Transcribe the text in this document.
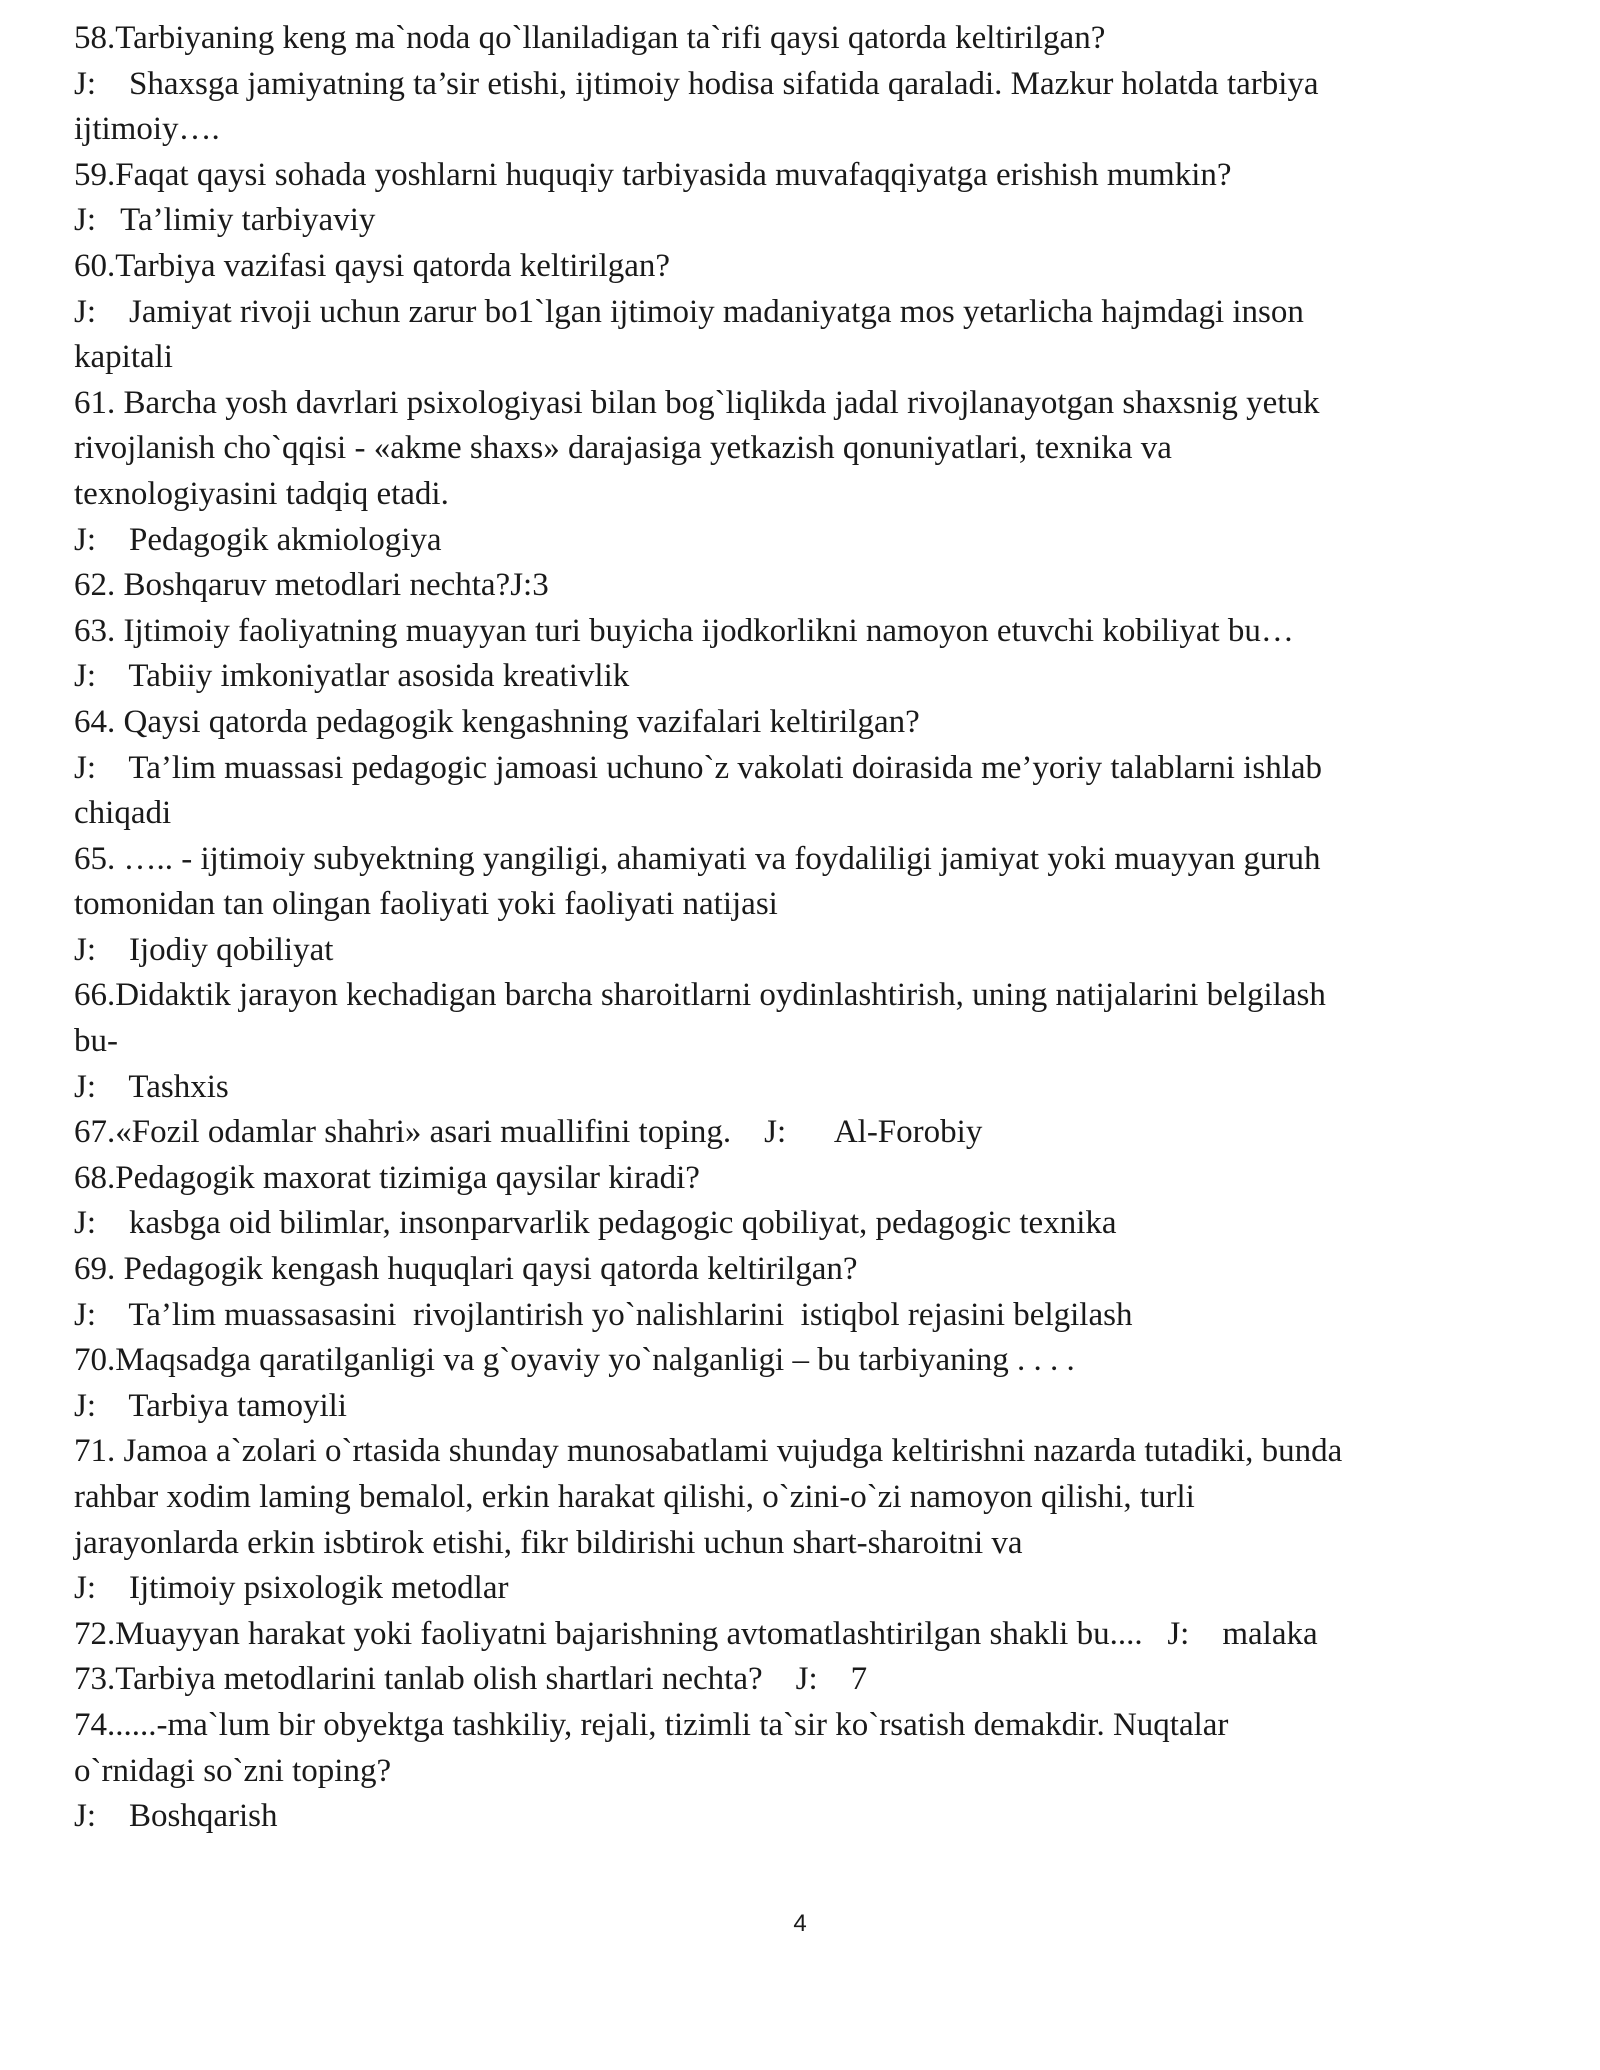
58.Tarbiyaning keng ma`noda qo`llaniladigan ta`rifi qaysi qatorda keltirilgan?
J:    Shaxsga jamiyatning ta’sir etishi, ijtimoiy hodisa sifatida qaraladi. Mazkur holatda tarbiya
ijtimoiy….
59.Faqat qaysi sohada yoshlarni huquqiy tarbiyasida muvafaqqiyatga erishish mumkin?
J:   Ta’limiy tarbiyaviy
60.Tarbiya vazifasi qaysi qatorda keltirilgan?
J:    Jamiyat rivoji uchun zarur bo1`lgan ijtimoiy madaniyatga mos yetarlicha hajmdagi inson
kapitali
61. Barcha yosh davrlari psixologiyasi bilan bog`liqlikda jadal rivojlanayotgan shaxsnig yetuk
rivojlanish cho`qqisi - «akme shaxs» darajasiga yetkazish qonuniyatlari, texnika va
texnologiyasini tadqiq etadi.
J:    Pedagogik akmiologiya
62. Boshqaruv metodlari nechta?J:3
63. Ijtimoiy faoliyatning muayyan turi buyicha ijodkorlikni namoyon etuvchi kobiliyat bu…
J:    Tabiiy imkoniyatlar asosida kreativlik
64. Qaysi qatorda pedagogik kengashning vazifalari keltirilgan?
J:    Ta’lim muassasi pedagogic jamoasi uchuno`z vakolati doirasida me’yoriy talablarni ishlab
chiqadi
65. ….. - ijtimoiy subyektning yangiligi, ahamiyati va foydaliligi jamiyat yoki muayyan guruh
tomonidan tan olingan faoliyati yoki faoliyati natijasi
J:    Ijodiy qobiliyat
66.Didaktik jarayon kechadigan barcha sharoitlarni oydinlashtirish, uning natijalarini belgilash
bu-
J:    Tashxis
67.«Fozil odamlar shahri» asari muallifini toping.    J:      Al-Forobiy
68.Pedagogik maxorat tizimiga qaysilar kiradi?
J:    kasbga oid bilimlar, insonparvarlik pedagogic qobiliyat, pedagogic texnika
69. Pedagogik kengash huquqlari qaysi qatorda keltirilgan?
J:    Ta’lim muassasasini  rivojlantirish yo`nalishlarini  istiqbol rejasini belgilash
70.Maqsadga qaratilganligi va g`oyaviy yo`nalganligi – bu tarbiyaning . . . .
J:    Tarbiya tamoyili
71. Jamoa a`zolari o`rtasida shunday munosabatlami vujudga keltirishni nazarda tutadiki, bunda
rahbar xodim laming bemalol, erkin harakat qilishi, o`zini-o`zi namoyon qilishi, turli
jarayonlarda erkin isbtirok etishi, fikr bildirishi uchun shart-sharoitni va
J:    Ijtimoiy psixologik metodlar
72.Muayyan harakat yoki faoliyatni bajarishning avtomatlashtirilgan shakli bu....   J:    malaka
73.Tarbiya metodlarini tanlab olish shartlari nechta?    J:    7
74......-ma`lum bir obyektga tashkiliy, rejali, tizimli ta`sir ko`rsatish demakdir. Nuqtalar
o`rnidagi so`zni toping?
J:    Boshqarish
4
